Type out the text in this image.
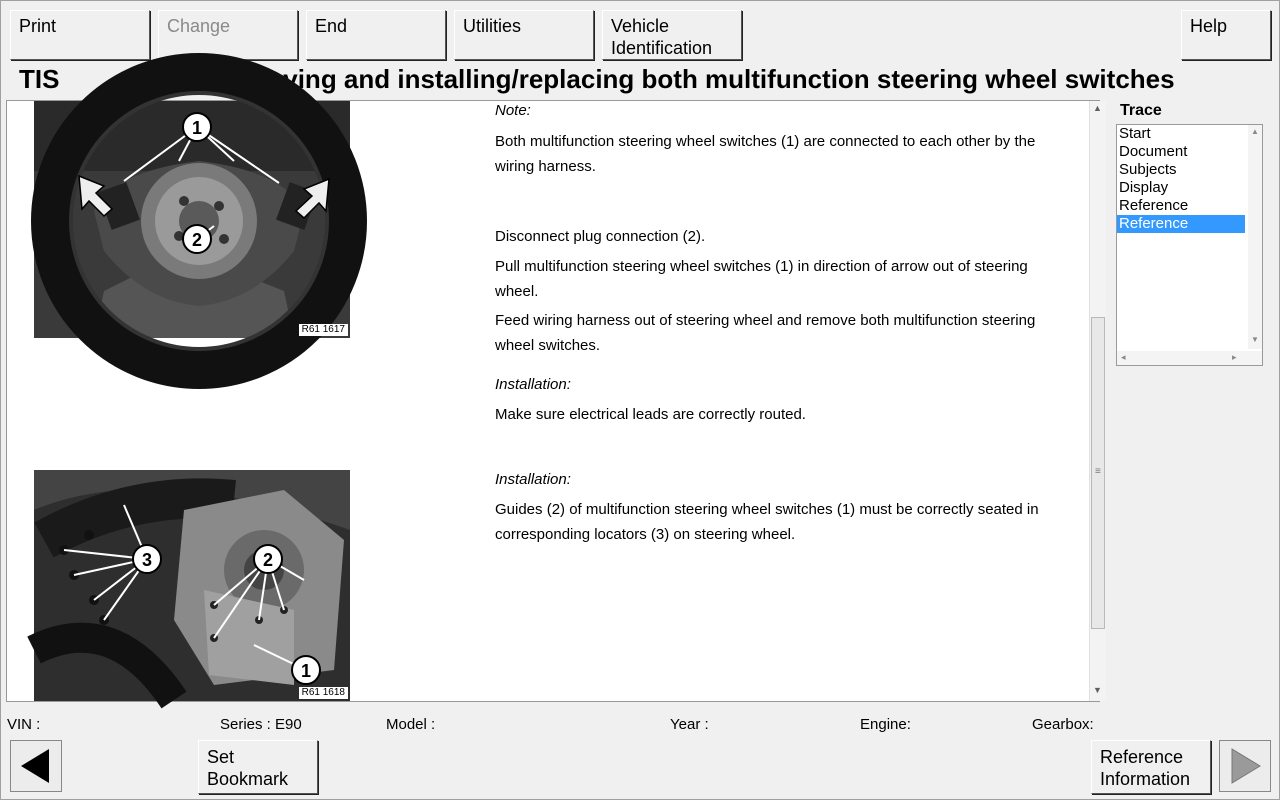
Print	Change	End	Utilities	Vehicle
Identification
Help
TIS	RA Removing and installing/replacing both multifunction steering wheel switches
1
2
R61 1617
3	2
1
R61 1618
Note:
Both multifunction steering wheel switches (1) are connected to each other by the wiring harness.
Disconnect plug connection (2).
Pull multifunction steering wheel switches (1) in direction of arrow out of steering wheel.
Feed wiring harness out of steering wheel and remove both multifunction steering wheel switches.
Installation:
Make sure electrical leads are correctly routed.
Installation:
Guides (2) of multifunction steering wheel switches (1) must be correctly seated in corresponding locators (3) on steering wheel.
▲
≡
▼
Trace
Start
Document
Subjects
Display
Reference
Reference
▲
▼
◂	▸
VIN :	Series : E90	Model :	Year :	Engine:	Gearbox:
Set
Bookmark
Reference
Information
